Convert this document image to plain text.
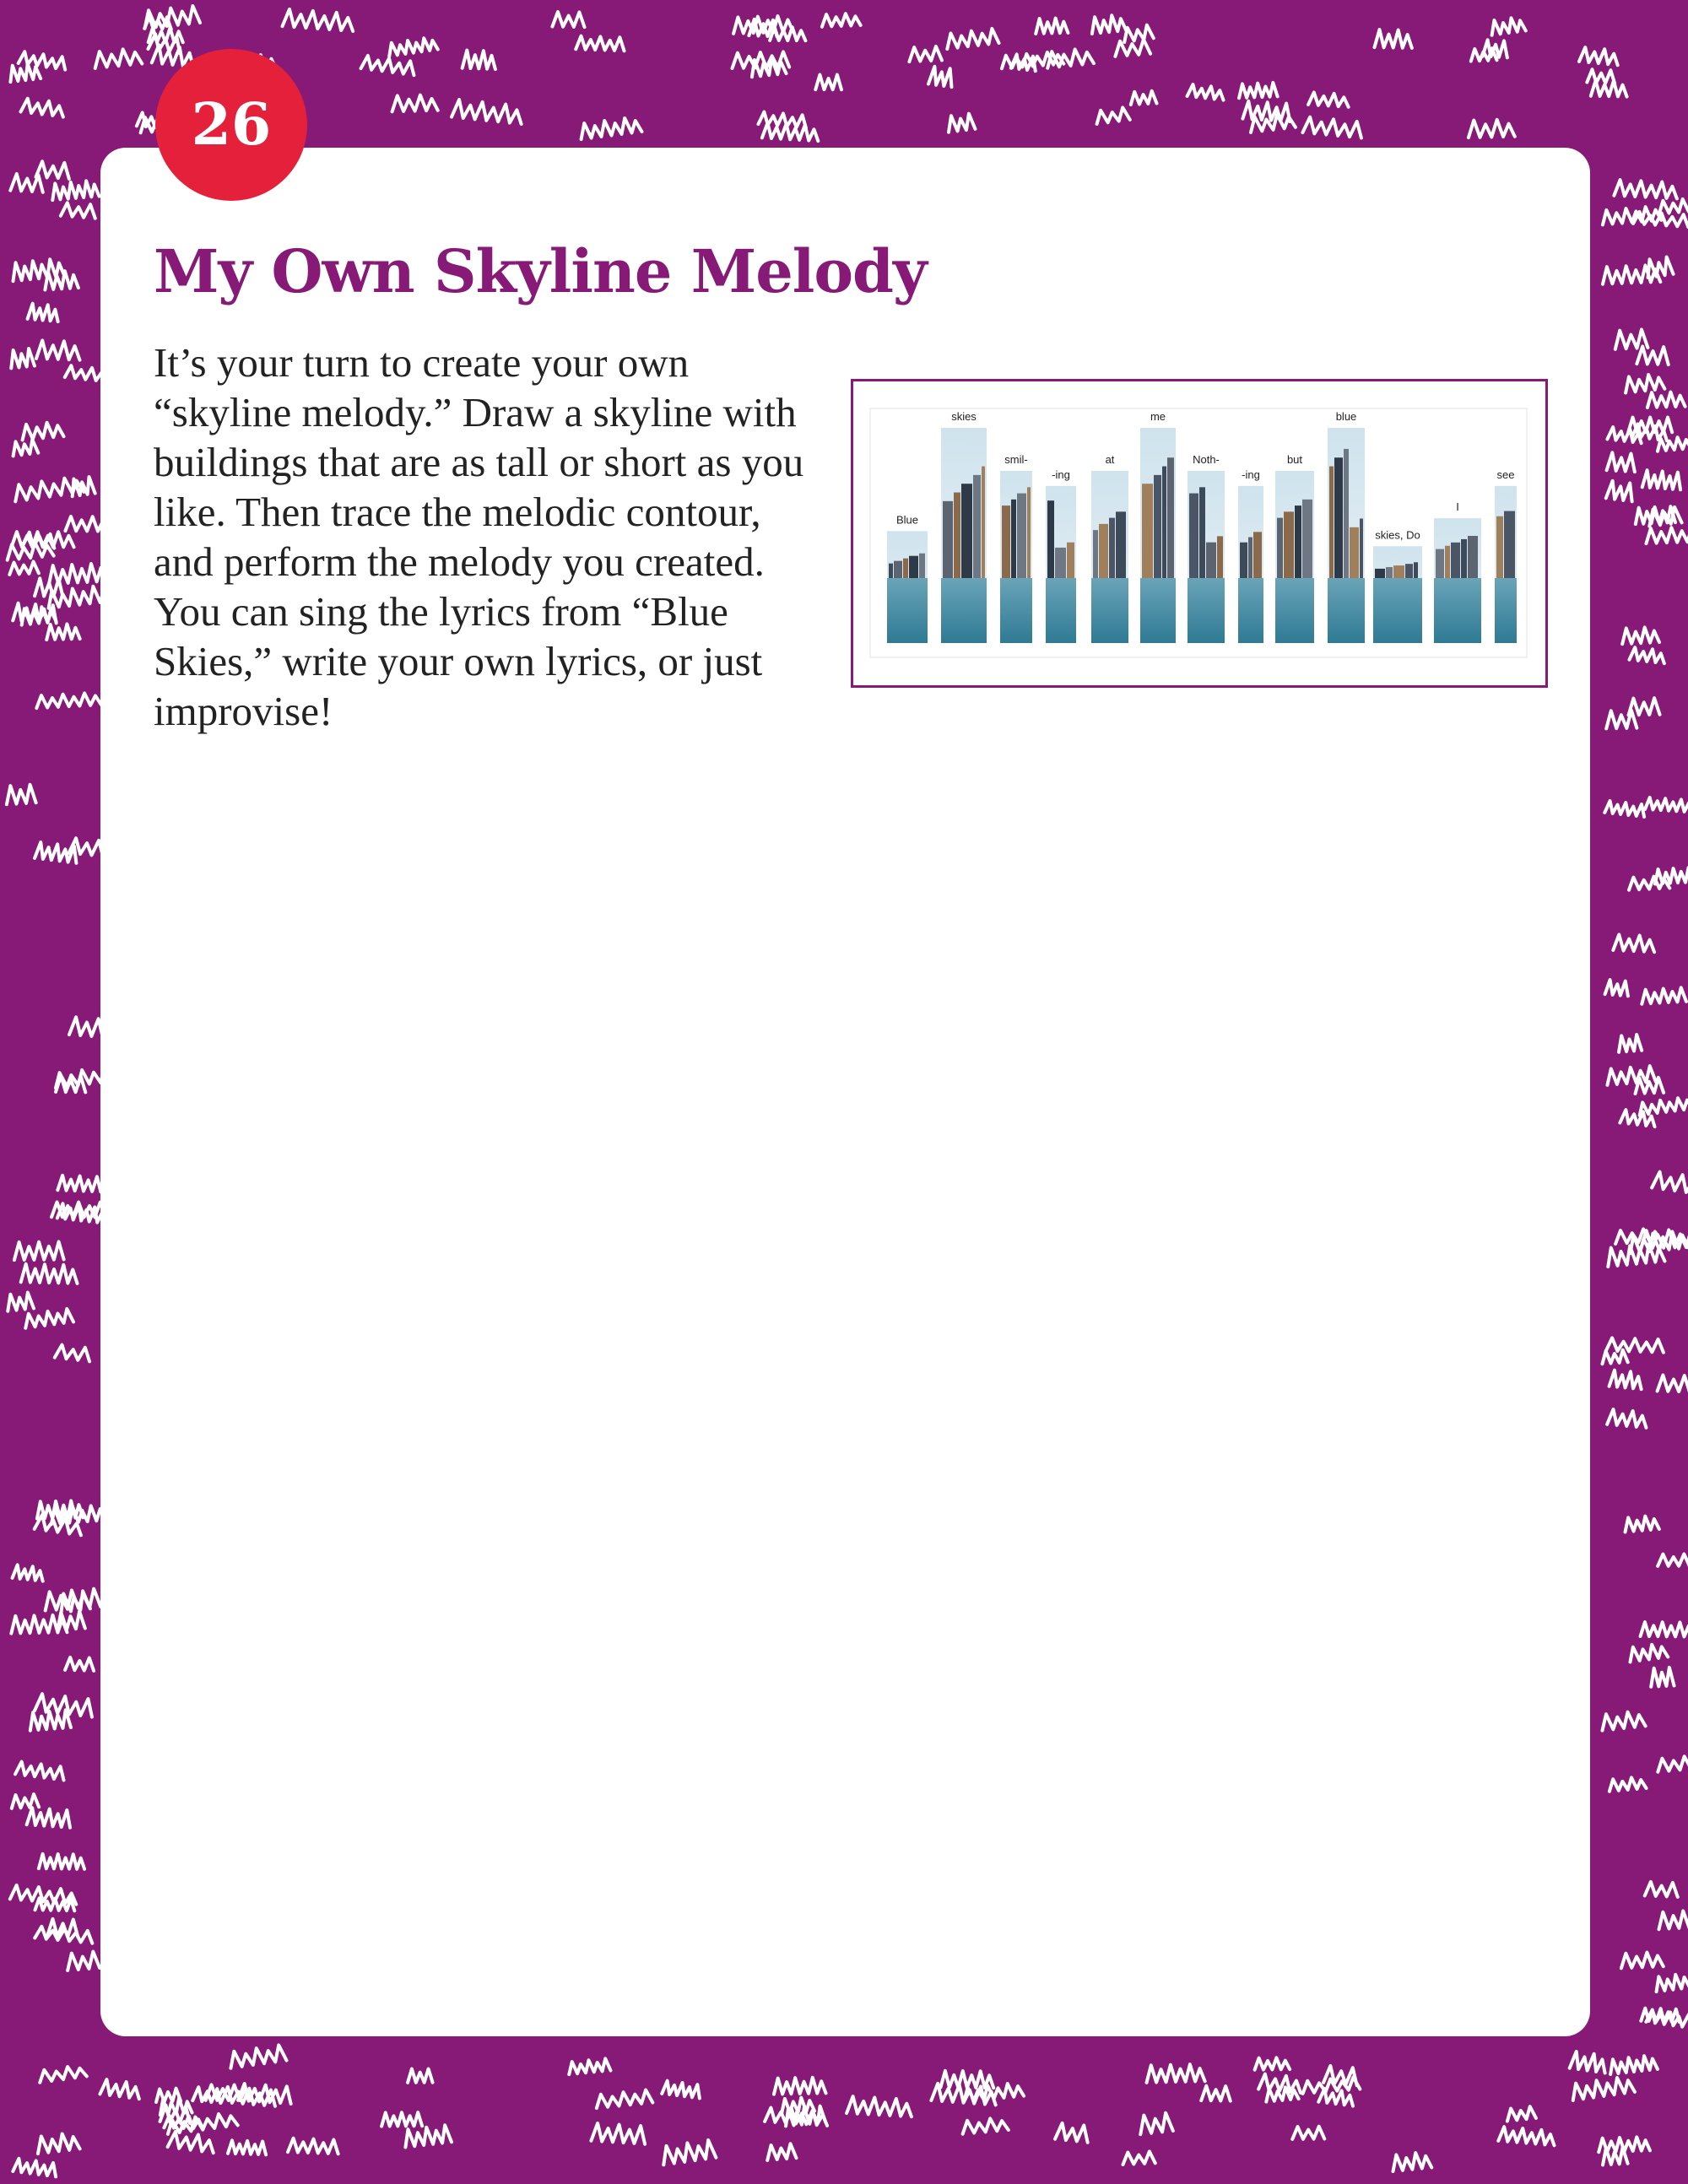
26
My Own Skyline Melody

It’s your turn to create your own “skyline melody.” Draw a skyline with buildings that are as tall or short as you like. Then trace the melodic contour, and perform the melody you created. You can sing the lyrics from “Blue Skies,” write your own lyrics, or just improvise!

Blue
skies
smil-
-ing
at
me
Noth-
-ing
but
blue
skies, Do
I
see
